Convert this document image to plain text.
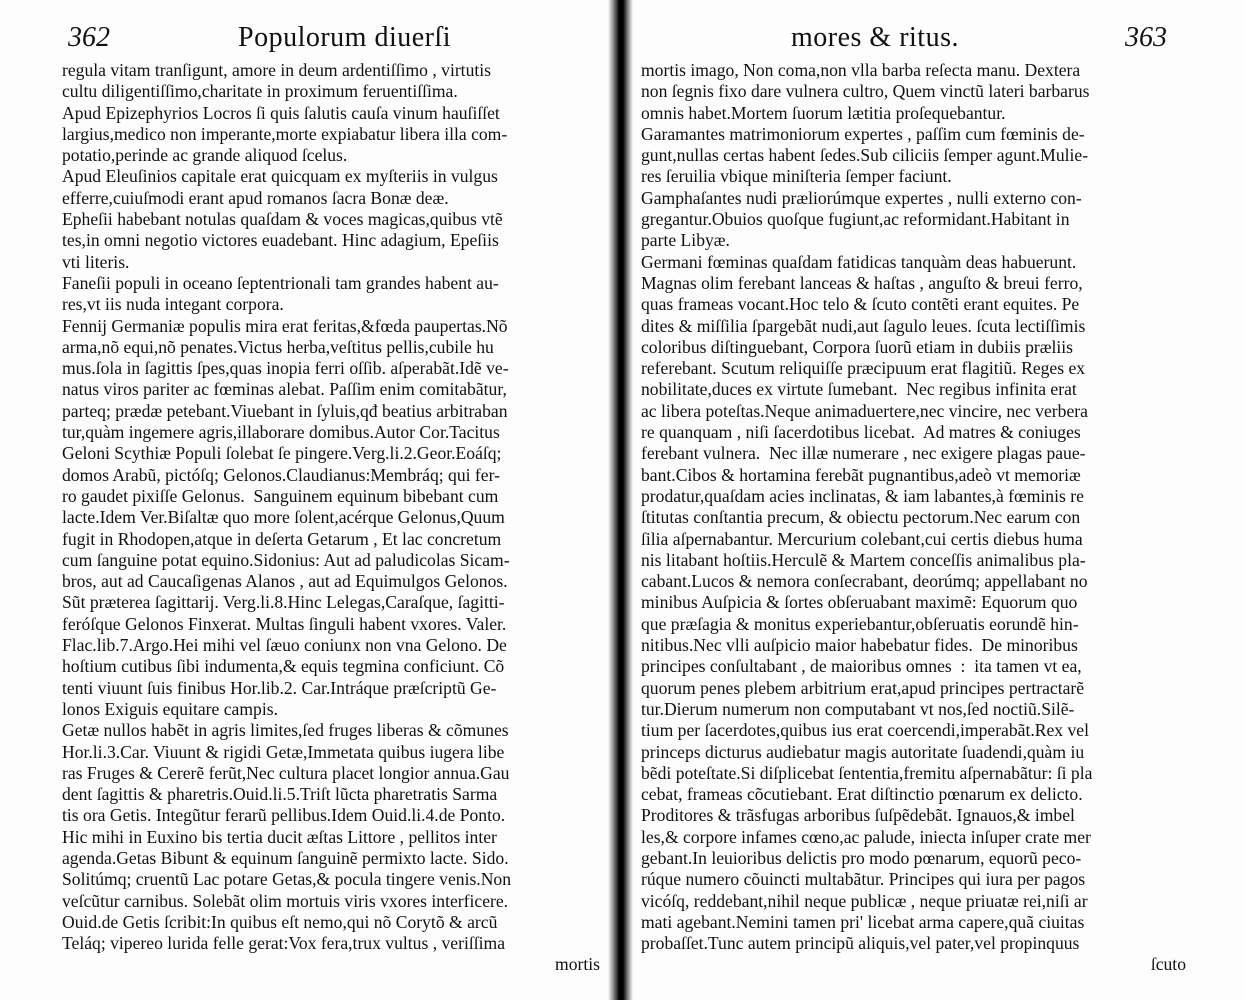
362	Populorum diuerſi
regula vitam tranſigunt, amore in deum ardentiſſimo , virtutis
cultu diligentiſſimo,charitate in proximum feruentiſſima.
Apud Epizephyrios Locros ſi quis ſalutis cauſa vinum hauſiſſet
largius,medico non imperante,morte expiabatur libera illa com-
potatio,perinde ac grande aliquod ſcelus.
Apud Eleuſinios capitale erat quicquam ex myſteriis in vulgus
efferre,cuiuſmodi erant apud romanos ſacra Bonæ deæ.
Epheſii habebant notulas quaſdam & voces magicas,quibus vtẽ
tes,in omni negotio victores euadebant. Hinc adagium, Epeſiis
vti literis.
Faneſii populi in oceano ſeptentrionali tam grandes habent au-
res,vt iis nuda integant corpora.
Fennij Germaniæ populis mira erat feritas,&fœda paupertas.Nõ
arma,nõ equi,nõ penates.Victus herba,veſtitus pellis,cubile hu
mus.ſola in ſagittis ſpes,quas inopia ferri oſſib. aſperabãt.Idẽ ve-
natus viros pariter ac fœminas alebat. Paſſim enim comitabãtur,
parteq; prædæ petebant.Viuebant in ſyluis,qđ beatius arbitraban
tur,quàm ingemere agris,illaborare domibus.Autor Cor.Tacitus
Geloni Scythiæ Populi ſolebat ſe pingere.Verg.li.2.Geor.Eoáſq;
domos Arabũ, pictóſq; Gelonos.Claudianus:Membráq; qui fer-
ro gaudet pixiſſe Gelonus.  Sanguinem equinum bibebant cum
lacte.Idem Ver.Biſaltæ quo more ſolent,acérque Gelonus,Quum
fugit in Rhodopen,atque in deſerta Getarum , Et lac concretum
cum ſanguine potat equino.Sidonius: Aut ad paludicolas Sicam-
bros, aut ad Caucaſigenas Alanos , aut ad Equimulgos Gelonos.
Sũt præterea ſagittarij. Verg.li.8.Hinc Lelegas,Caraſque, ſagitti-
feróſque Gelonos Finxerat. Multas ſinguli habent vxores. Valer.
Flac.lib.7.Argo.Hei mihi vel ſæuo coniunx non vna Gelono. De
hoſtium cutibus ſibi indumenta,& equis tegmina conficiunt. Cõ
tenti viuunt ſuis finibus Hor.lib.2. Car.Intráque præſcriptũ Ge-
lonos Exiguis equitare campis.
Getæ nullos habẽt in agris limites,ſed fruges liberas & cõmunes
Hor.li.3.Car. Viuunt & rigidi Getæ,Immetata quibus iugera libe
ras Fruges & Cererẽ ferũt,Nec cultura placet longior annua.Gau
dent ſagittis & pharetris.Ouid.li.5.Triſt lũcta pharetratis Sarma
tis ora Getis. Integũtur ferarũ pellibus.Idem Ouid.li.4.de Ponto.
Hic mihi in Euxino bis tertia ducit æſtas Littore , pellitos inter
agenda.Getas Bibunt & equinum ſanguinẽ permixto lacte. Sido.
Solitúmq; cruentũ Lac potare Getas,& pocula tingere venis.Non
veſcũtur carnibus. Solebãt olim mortuis viris vxores interficere.
Ouid.de Getis ſcribit:In quibus eſt nemo,qui nõ Corytõ & arcũ
Teláq; vipereo lurida felle gerat:Vox fera,trux vultus , veriſſima
mortis
mores & ritus.	363
mortis imago, Non coma,non vlla barba reſecta manu. Dextera
non ſegnis fixo dare vulnera cultro, Quem vinctũ lateri barbarus
omnis habet.Mortem ſuorum lætitia proſequebantur.
Garamantes matrimoniorum expertes , paſſim cum fœminis de-
gunt,nullas certas habent ſedes.Sub ciliciis ſemper agunt.Mulie-
res ſeruilia vbique miniſteria ſemper faciunt.
Gamphaſantes nudi præliorúmque expertes , nulli externo con-
gregantur.Obuios quoſque fugiunt,ac reformidant.Habitant in
parte Libyæ.
Germani fœminas quaſdam fatidicas tanquàm deas habuerunt.
Magnas olim ferebant lanceas & haſtas , anguſto & breui ferro,
quas frameas vocant.Hoc telo & ſcuto contẽti erant equites. Pe
dites & miſſilia ſpargebãt nudi,aut ſagulo leues. ſcuta lectiſſimis
coloribus diſtinguebant, Corpora ſuorũ etiam in dubiis præliis
referebant. Scutum reliquiſſe præcipuum erat flagitiũ. Reges ex
nobilitate,duces ex virtute ſumebant.  Nec regibus infinita erat
ac libera poteſtas.Neque animaduertere,nec vincire, nec verbera
re quanquam , niſi ſacerdotibus licebat.  Ad matres & coniuges
ferebant vulnera.  Nec illæ numerare , nec exigere plagas paue-
bant.Cibos & hortamina ferebãt pugnantibus,adeò vt memoriæ
prodatur,quaſdam acies inclinatas, & iam labantes,à fœminis re
ſtitutas conſtantia precum, & obiectu pectorum.Nec earum con
ſilia aſpernabantur. Mercurium colebant,cui certis diebus huma
nis litabant hoſtiis.Herculẽ & Martem conceſſis animalibus pla-
cabant.Lucos & nemora conſecrabant, deorúmq; appellabant no
minibus Auſpicia & ſortes obſeruabant maximẽ: Equorum quo
que præſagia & monitus experiebantur,obſeruatis eorundẽ hin-
nitibus.Nec vlli auſpicio maior habebatur fides.  De minoribus
principes conſultabant , de maioribus omnes  :  ita tamen vt ea,
quorum penes plebem arbitrium erat,apud principes pertractarẽ
tur.Dierum numerum non computabant vt nos,ſed noctiũ.Silẽ-
tium per ſacerdotes,quibus ius erat coercendi,imperabãt.Rex vel
princeps dicturus audiebatur magis autoritate ſuadendi,quàm iu
bẽdi poteſtate.Si diſplicebat ſententia,fremitu aſpernabãtur: ſi pla
cebat, frameas cõcutiebant. Erat diſtinctio pœnarum ex delicto.
Proditores & trãsfugas arboribus ſuſpẽdebãt. Ignauos,& imbel
les,& corpore infames cœno,ac palude, iniecta inſuper crate mer
gebant.In leuioribus delictis pro modo pœnarum, equorũ peco-
rúque numero cõuincti multabãtur. Principes qui iura per pagos
vicóſq, reddebant,nihil neque publicæ , neque priuatæ rei,niſi ar
mati agebant.Nemini tamen pri' licebat arma capere,quã ciuitas
probaſſet.Tunc autem principũ aliquis,vel pater,vel propinquus
ſcuto
